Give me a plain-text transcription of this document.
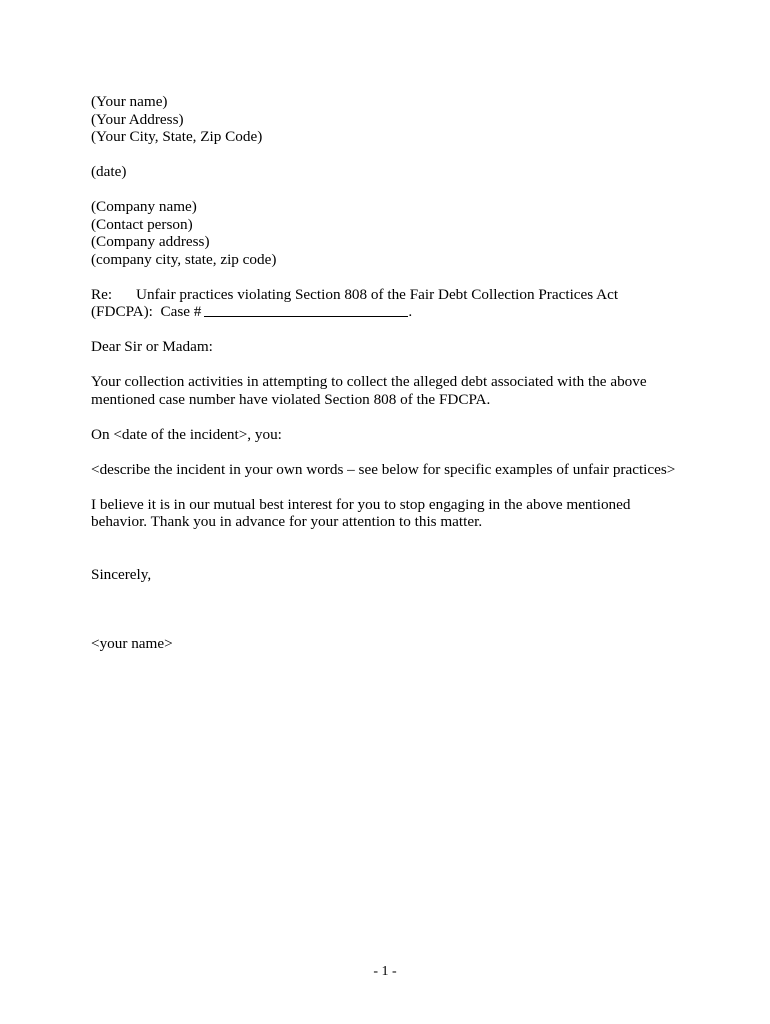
(Your name)
(Your Address)
(Your City, State, Zip Code)
(date)
(Company name)
(Contact person)
(Company address)
(company city, state, zip code)
Re:	Unfair practices violating Section 808 of the Fair Debt Collection Practices Act
(FDCPA):  Case #	.
Dear Sir or Madam:
Your collection activities in attempting to collect the alleged debt associated with the above
mentioned case number have violated Section 808 of the FDCPA.
On <date of the incident>, you:
<describe the incident in your own words – see below for specific examples of unfair practices>
I believe it is in our mutual best interest for you to stop engaging in the above mentioned
behavior. Thank you in advance for your attention to this matter.
Sincerely,
<your name>
- 1 -
